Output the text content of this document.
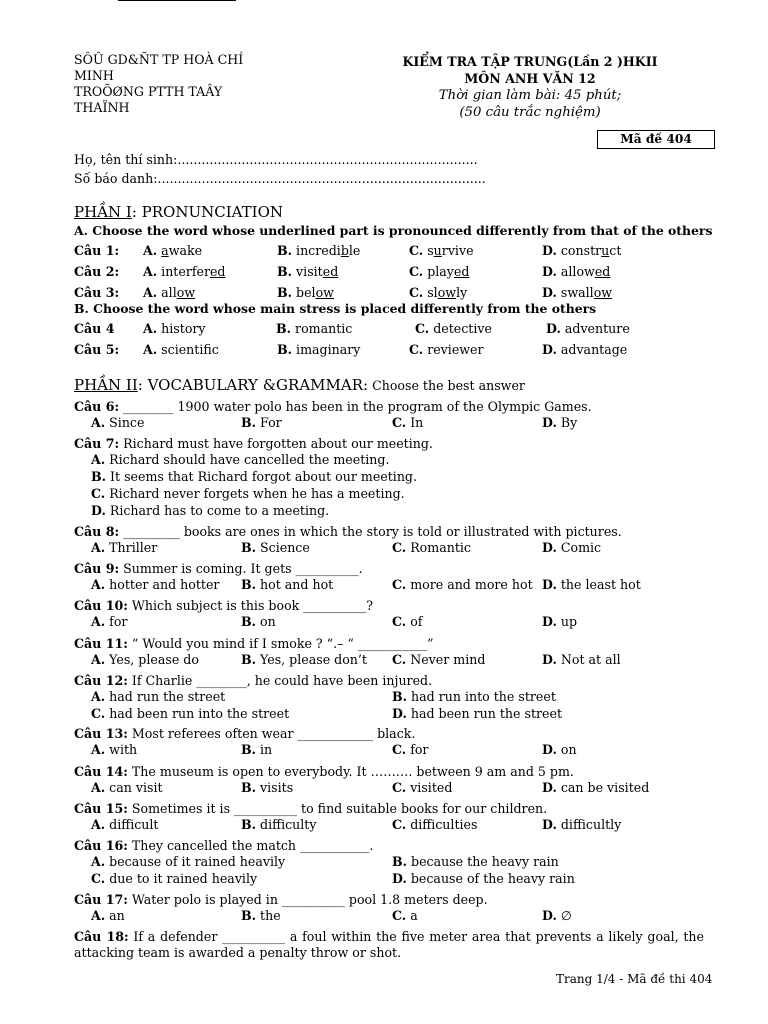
SÔÛ GD&ÑT TP HOÀ CHÍ
MINH
TROÕØNG PTTH TAÂY
THAÏNH
KIỂM TRA TẬP TRUNG(Lần 2 )HKII
MÔN ANH VĂN 12
Thời gian làm bài: 45 phút;
(50 câu trắc nghiệm)
Mã đề 404
Họ, tên thí sinh:...........................................................................
Số báo danh:..................................................................................
PHẦN I: PRONUNCIATION
A. Choose the word whose underlined part is pronounced differently from that of the others
Câu 1: A. awake	B. incredible	C. survive	D. construct
Câu 2: A. interfered	B. visited	C. played	D. allowed
Câu 3: A. allow	B. below	C. slowly	D. swallow
Câu 4 A. history	B. romantic	C. detective	D. adventure
Câu 5: A. scientific	B. imaginary	C. reviewer	D. advantage
B. Choose the word whose main stress is placed differently from the others
PHẦN II: VOCABULARY &GRAMMAR: Choose the best answer
Câu 6: ________ 1900 water polo has been in the program of the Olympic Games.
A. Since	B. For	C. In	D. By
Câu 7: Richard must have forgotten about our meeting.
A. Richard should have cancelled the meeting.
B. It seems that Richard forgot about our meeting.
C. Richard never forgets when he has a meeting.
D. Richard has to come to a meeting.
Câu 8: _________ books are ones in which the story is told or illustrated with pictures.
A. Thriller	B. Science	C. Romantic	D. Comic
Câu 9: Summer is coming. It gets __________.
A. hotter and hotter B. hot and hot	C. more and more hot D. the least hot
Câu 10: Which subject is this book __________?
A. for	B. on	C. of	D. up
Câu 11: “ Would you mind if I smoke ? “.– “ ___________”
A. Yes, please do	B. Yes, please don’t C. Never mind	D. Not at all
Câu 12: If Charlie ________, he could have been injured.
A. had run the street	B. had run into the street
C. had been run into the street	D. had been run the street
Câu 13: Most referees often wear ____________ black.
A. with	B. in	C. for	D. on
Câu 14: The museum is open to everybody. It ………. between 9 am and 5 pm.
A. can visit	B. visits	C. visited	D. can be visited
Câu 15: Sometimes it is __________ to find suitable books for our children.
A. difficult	B. difficulty	C. difficulties	D. difficultly
Câu 16: They cancelled the match ___________.
A. because of it rained heavily	B. because the heavy rain
C. due to it rained heavily	D. because of the heavy rain
Câu 17: Water polo is played in __________ pool 1.8 meters deep.
A. an	B. the	C. a	D. ∅
Câu 18: If a defender __________ a foul within the five meter area that prevents a likely goal, the attacking team is awarded a penalty throw or shot.
Trang 1/4 - Mã đề thi 404
